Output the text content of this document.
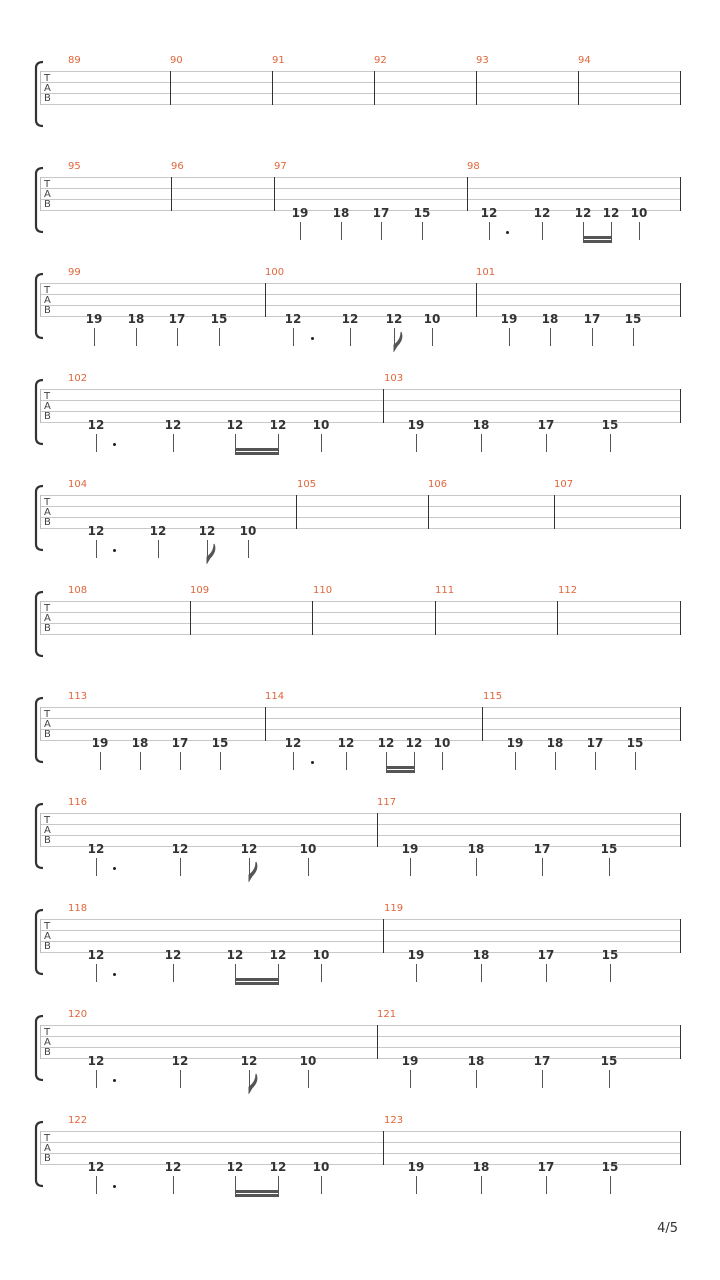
T
A
B
89	90	91	92	93	94
T
A
B
95	96	97	98
19 18 17 15	12	12 12 12 10
T
A
B
99	100	101
19 18 17 15	12	12 12 10	19 18 17 15
T
A
B
102	103
12	12	12 12 10	19	18	17	15
T
A
B
104	105	106	107
12	12	12 10
T
A
B
108	109	110	111	112
T
A
B
113	114	115
19 18 17 15	12	12 12 12 10	19 18 17 15
T
A
B
116	117
12	12	12	10	19	18	17	15
T
A
B
118	119
12	12	12 12 10	19	18	17	15
T
A
B
120	121
12	12	12	10	19	18	17	15
T
A
B
122	123
12	12	12 12 10	19	18	17	15
4/5
